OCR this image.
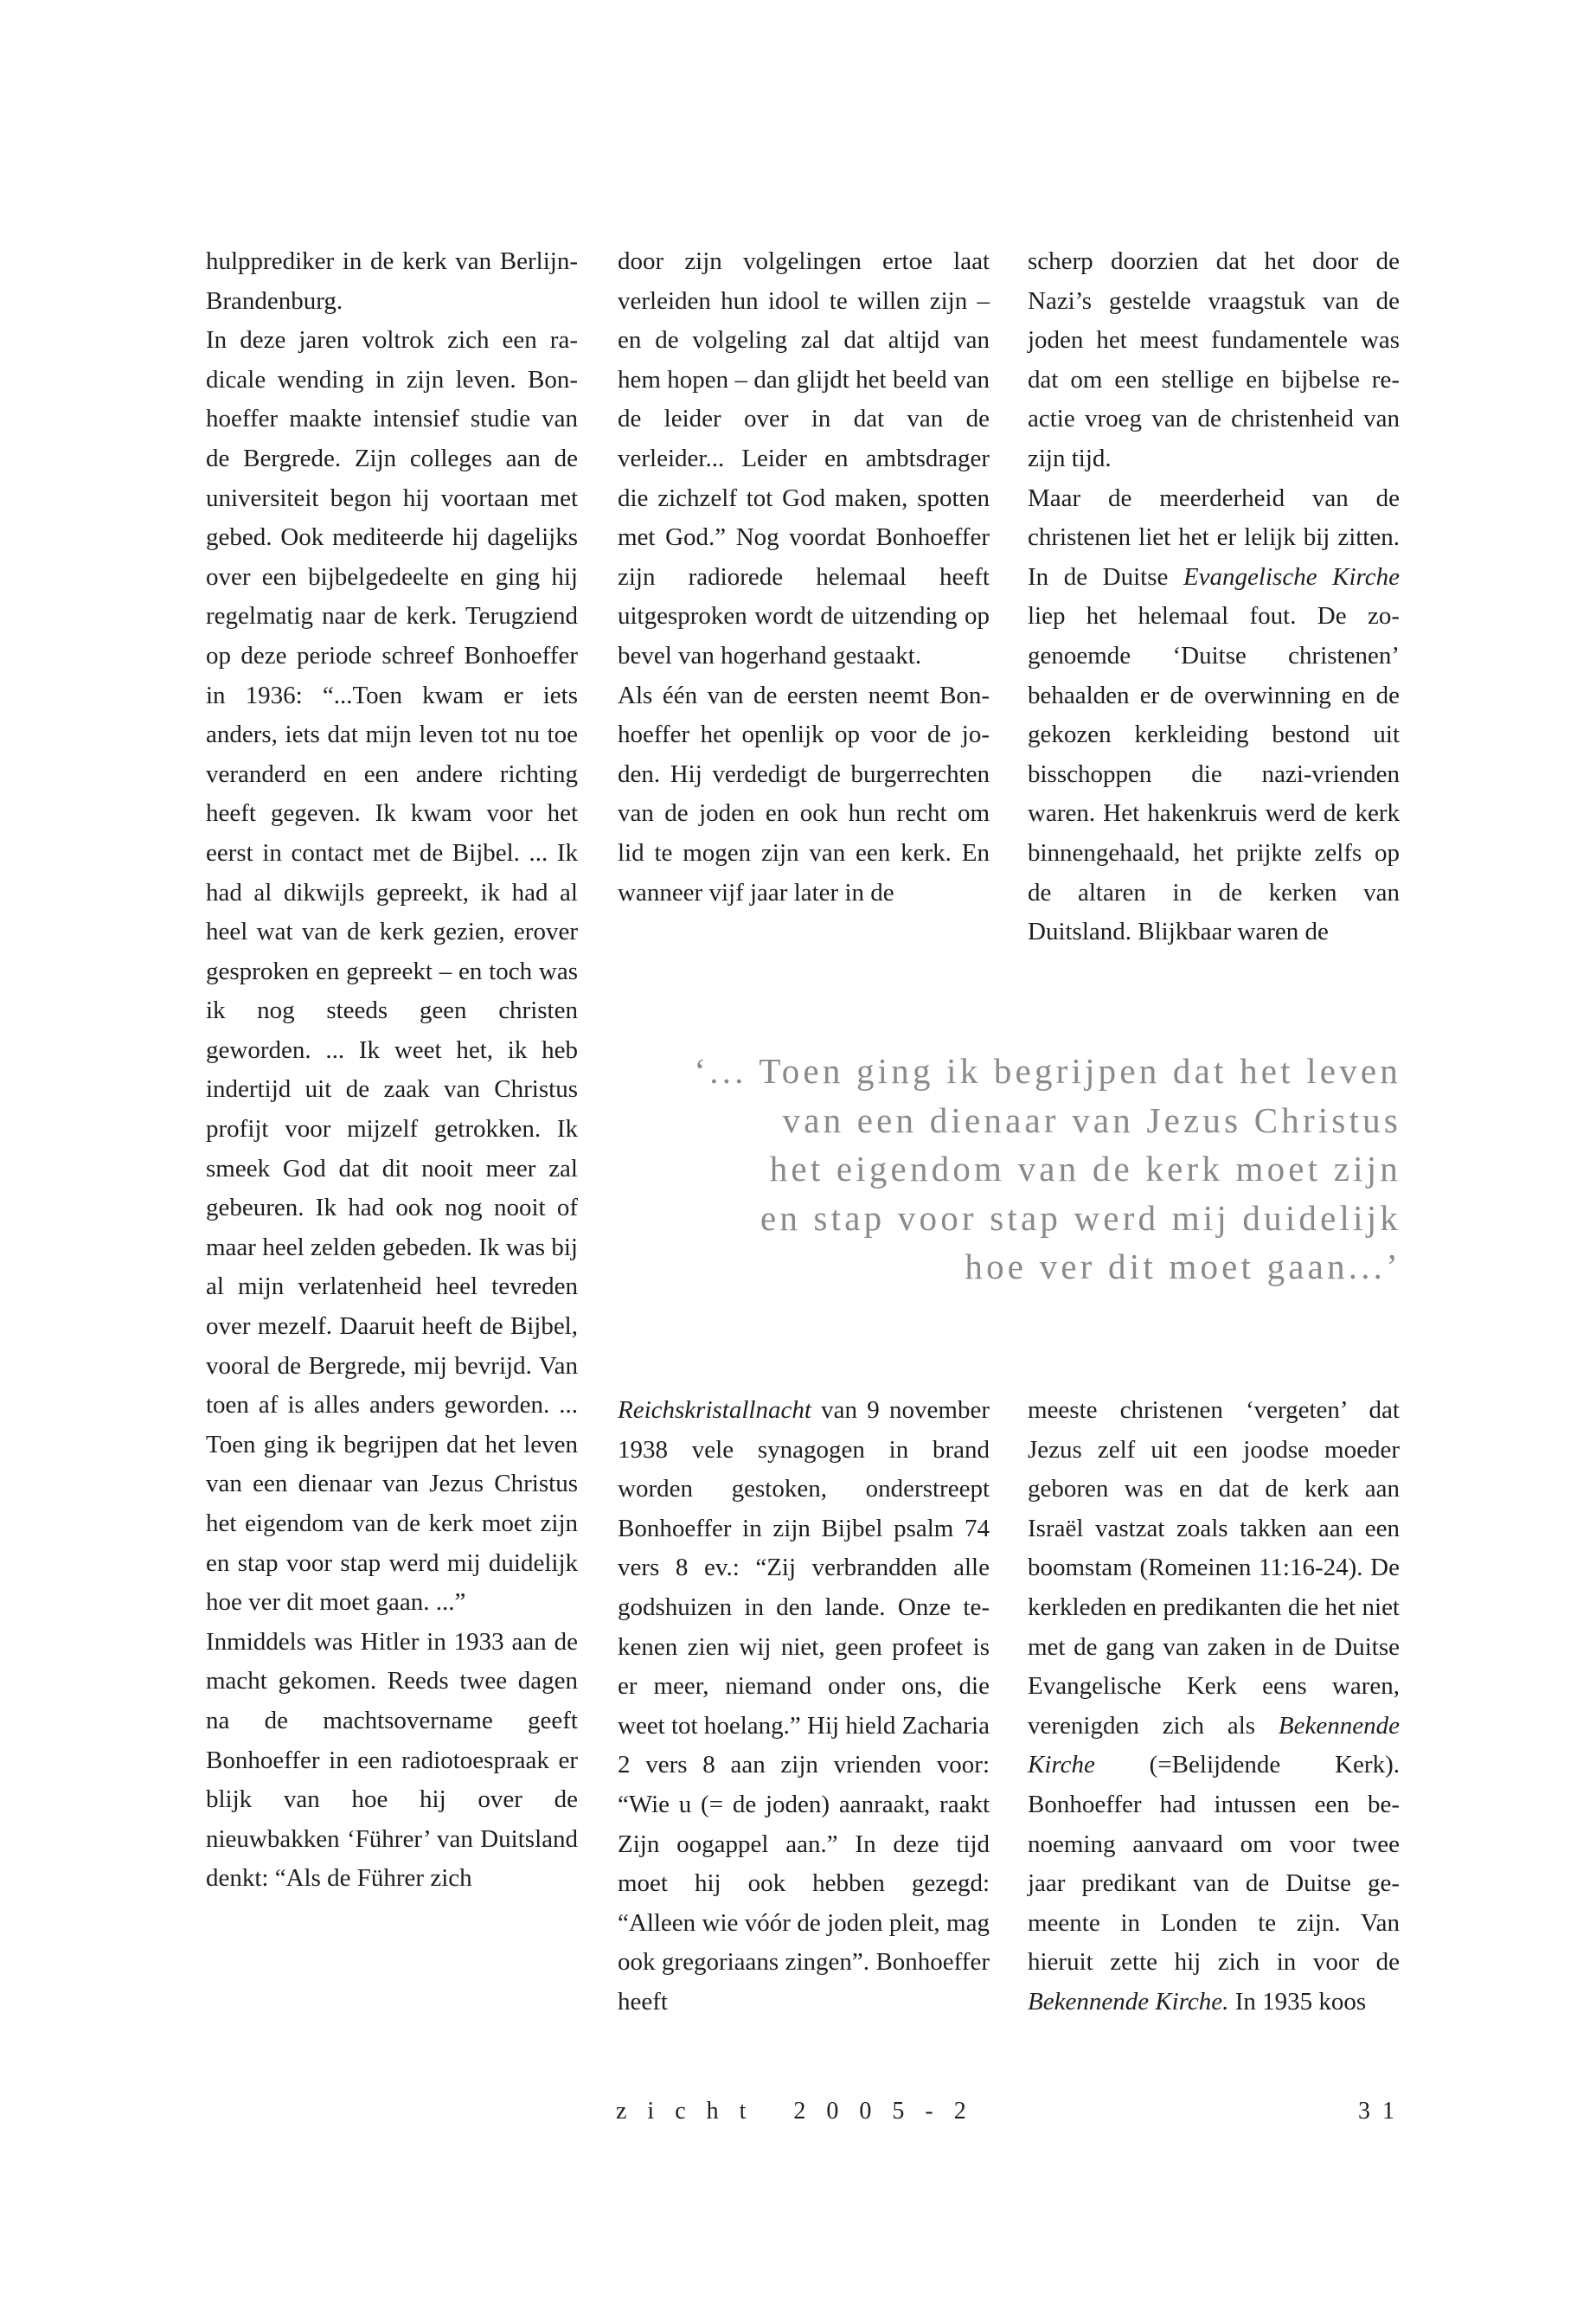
hulpprediker in de kerk van Berlijn-Brandenburg.

In deze jaren voltrok zich een radicale wending in zijn leven. Bonhoeffer maakte intensief studie van de Bergrede. Zijn colleges aan de universiteit begon hij voortaan met gebed. Ook mediteerde hij dagelijks over een bijbelgedeelte en ging hij regelmatig naar de kerk. Terugziend op deze periode schreef Bonhoeffer in 1936: “...Toen kwam er iets anders, iets dat mijn leven tot nu toe veranderd en een andere richting heeft gegeven. Ik kwam voor het eerst in contact met de Bijbel. ... Ik had al dikwijls gepreekt, ik had al heel wat van de kerk gezien, erover gesproken en gepreekt – en toch was ik nog steeds geen christen geworden. ... Ik weet het, ik heb indertijd uit de zaak van Christus profijt voor mijzelf getrokken. Ik smeek God dat dit nooit meer zal gebeuren. Ik had ook nog nooit of maar heel zelden gebeden. Ik was bij al mijn verlatenheid heel tevreden over mezelf. Daaruit heeft de Bijbel, vooral de Bergrede, mij bevrijd. Van toen af is alles anders geworden. ... Toen ging ik begrijpen dat het leven van een dienaar van Jezus Christus het eigendom van de kerk moet zijn en stap voor stap werd mij duidelijk hoe ver dit moet gaan. ...”

Inmiddels was Hitler in 1933 aan de macht gekomen. Reeds twee dagen na de machtsovername geeft Bonhoeffer in een radiotoespraak er blijk van hoe hij over de nieuwbakken ‘Führer’ van Duitsland denkt: “Als de Führer zich

door zijn volgelingen ertoe laat verleiden hun idool te willen zijn – en de volgeling zal dat altijd van hem hopen – dan glijdt het beeld van de leider over in dat van de verleider... Leider en ambtsdrager die zichzelf tot God maken, spotten met God.” Nog voordat Bonhoeffer zijn radiorede helemaal heeft uitgesproken wordt de uitzending op bevel van hogerhand gestaakt.

Als één van de eersten neemt Bonhoeffer het openlijk op voor de joden. Hij verdedigt de burgerrechten van de joden en ook hun recht om lid te mogen zijn van een kerk. En wanneer vijf jaar later in de

scherp doorzien dat het door de Nazi’s gestelde vraagstuk van de joden het meest fundamentele was dat om een stellige en bijbelse reactie vroeg van de christenheid van zijn tijd.

Maar de meerderheid van de christenen liet het er lelijk bij zitten. In de Duitse Evangelische Kirche liep het helemaal fout. De zogenoemde ‘Duitse christenen’ behaalden er de overwinning en de gekozen kerkleiding bestond uit bisschoppen die nazi-vrienden waren. Het hakenkruis werd de kerk binnengehaald, het prijkte zelfs op de altaren in de kerken van Duitsland. Blijkbaar waren de

‘... Toen ging ik begrijpen dat het leven
van een dienaar van Jezus Christus
het eigendom van de kerk moet zijn
en stap voor stap werd mij duidelijk
hoe ver dit moet gaan...’

Reichskristallnacht van 9 november 1938 vele synagogen in brand worden gestoken, onderstreept Bonhoeffer in zijn Bijbel psalm 74 vers 8 ev.: “Zij verbrandden alle godshuizen in den lande. Onze tekenen zien wij niet, geen profeet is er meer, niemand onder ons, die weet tot hoelang.” Hij hield Zacharia 2 vers 8 aan zijn vrienden voor: “Wie u (= de joden) aanraakt, raakt Zijn oogappel aan.” In deze tijd moet hij ook hebben gezegd: “Alleen wie vóór de joden pleit, mag ook gregoriaans zingen”. Bonhoeffer heeft

meeste christenen ‘vergeten’ dat Jezus zelf uit een joodse moeder geboren was en dat de kerk aan Israël vastzat zoals takken aan een boomstam (Romeinen 11:16-24). De kerkleden en predikanten die het niet met de gang van zaken in de Duitse Evangelische Kerk eens waren, verenigden zich als Bekennende Kirche (=Belijdende Kerk). Bonhoeffer had intussen een benoeming aanvaard om voor twee jaar predikant van de Duitse gemeente in Londen te zijn. Van hieruit zette hij zich in voor de Bekennende Kirche. In 1935 koos

zicht 2005-2	31
